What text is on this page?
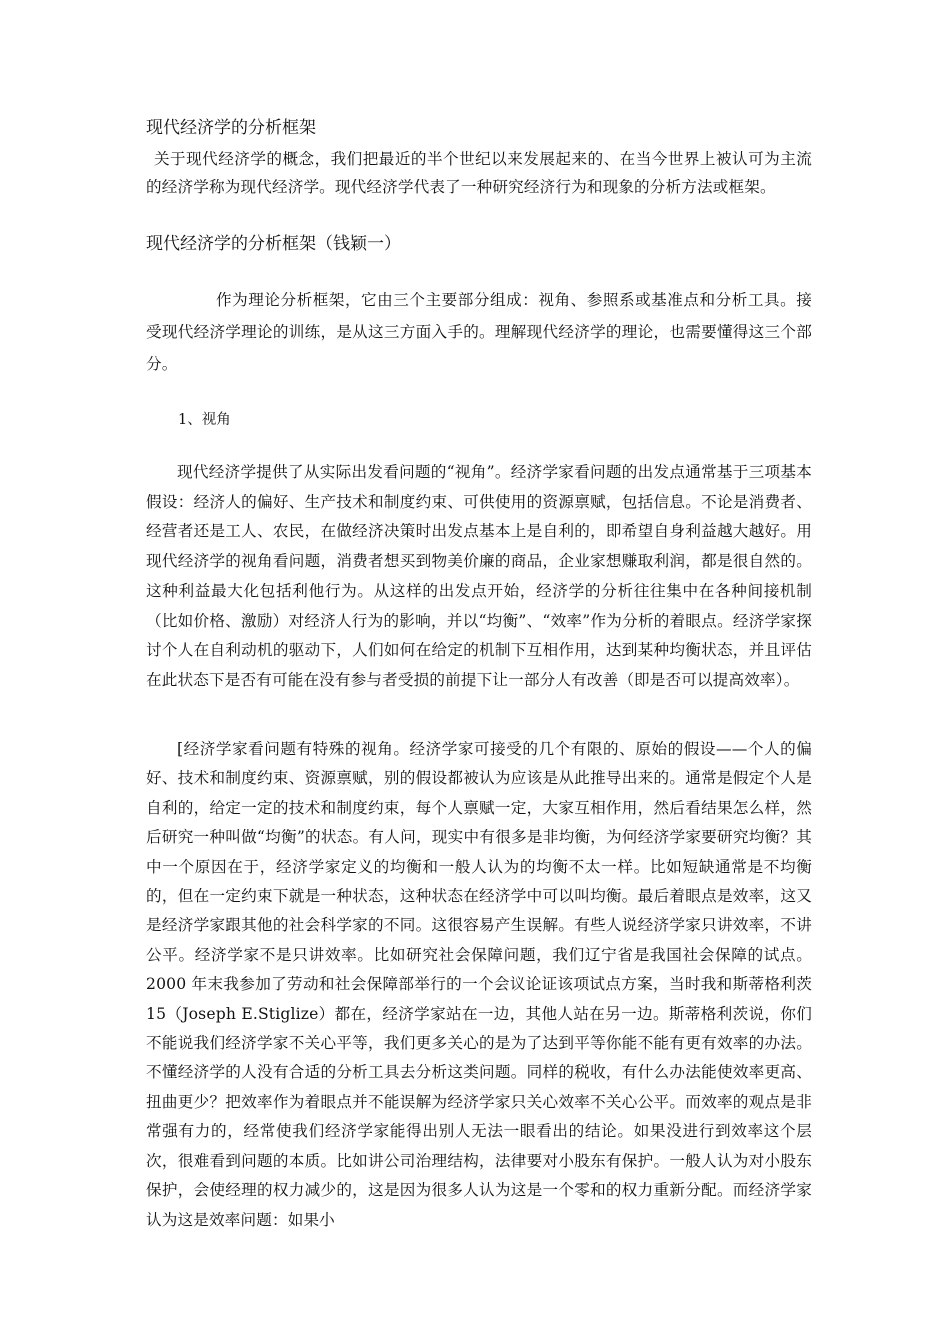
现代经济学的分析框架
关于现代经济学的概念，我们把最近的半个世纪以来发展起来的、在当今世界上被认可为主流的经济学称为现代经济学。现代经济学代表了一种研究经济行为和现象的分析方法或框架。
现代经济学的分析框架（钱颖一）
作为理论分析框架，它由三个主要部分组成：视角、参照系或基准点和分析工具。接受现代经济学理论的训练，是从这三方面入手的。理解现代经济学的理论，也需要懂得这三个部分。
1、视角
现代经济学提供了从实际出发看问题的“视角”。经济学家看问题的出发点通常基于三项基本假设：经济人的偏好、生产技术和制度约束、可供使用的资源禀赋，包括信息。不论是消费者、经营者还是工人、农民，在做经济决策时出发点基本上是自利的，即希望自身利益越大越好。用现代经济学的视角看问题，消费者想买到物美价廉的商品，企业家想赚取利润，都是很自然的。这种利益最大化包括利他行为。从这样的出发点开始，经济学的分析往往集中在各种间接机制（比如价格、激励）对经济人行为的影响，并以“均衡”、“效率”作为分析的着眼点。经济学家探讨个人在自利动机的驱动下，人们如何在给定的机制下互相作用，达到某种均衡状态，并且评估在此状态下是否有可能在没有参与者受损的前提下让一部分人有改善（即是否可以提高效率）。
[经济学家看问题有特殊的视角。经济学家可接受的几个有限的、原始的假设——个人的偏好、技术和制度约束、资源禀赋，别的假设都被认为应该是从此推导出来的。通常是假定个人是自利的，给定一定的技术和制度约束，每个人禀赋一定，大家互相作用，然后看结果怎么样，然后研究一种叫做“均衡”的状态。有人问，现实中有很多是非均衡，为何经济学家要研究均衡？其中一个原因在于，经济学家定义的均衡和一般人认为的均衡不太一样。比如短缺通常是不均衡的，但在一定约束下就是一种状态，这种状态在经济学中可以叫均衡。最后着眼点是效率，这又是经济学家跟其他的社会科学家的不同。这很容易产生误解。有些人说经济学家只讲效率，不讲公平。经济学家不是只讲效率。比如研究社会保障问题，我们辽宁省是我国社会保障的试点。2000 年末我参加了劳动和社会保障部举行的一个会议论证该项试点方案，当时我和斯蒂格利茨15（Joseph E.Stiglize）都在，经济学家站在一边，其他人站在另一边。斯蒂格利茨说，你们不能说我们经济学家不关心平等，我们更多关心的是为了达到平等你能不能有更有效率的办法。不懂经济学的人没有合适的分析工具去分析这类问题。同样的税收，有什么办法能使效率更高、扭曲更少？把效率作为着眼点并不能误解为经济学家只关心效率不关心公平。而效率的观点是非常强有力的，经常使我们经济学家能得出别人无法一眼看出的结论。如果没进行到效率这个层次，很难看到问题的本质。比如讲公司治理结构，法律要对小股东有保护。一般人认为对小股东保护，会使经理的权力减少的，这是因为很多人认为这是一个零和的权力重新分配。而经济学家认为这是效率问题：如果小
